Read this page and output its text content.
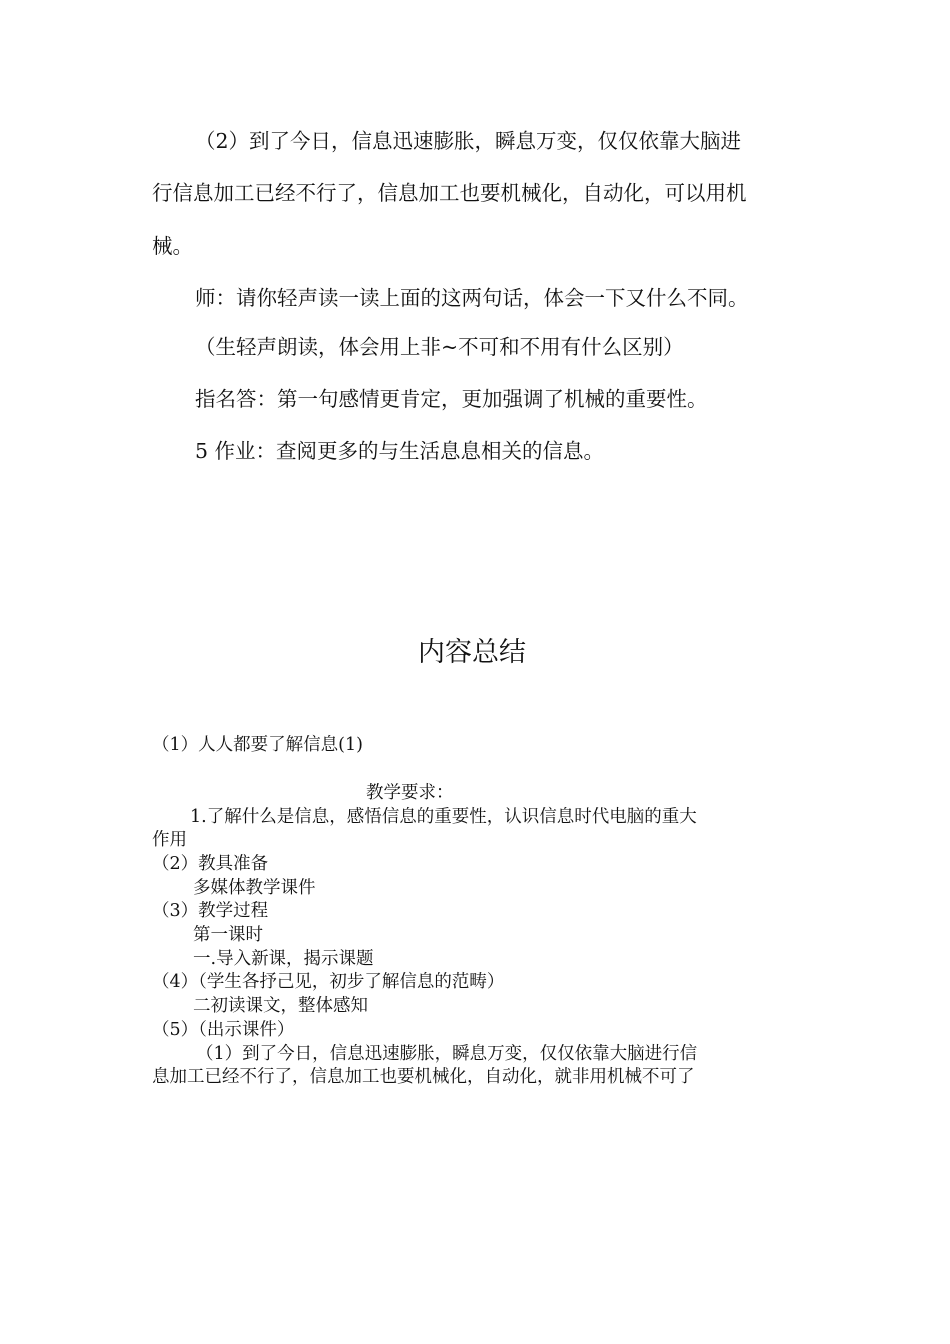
（2）到了今日，信息迅速膨胀，瞬息万变，仅仅依靠大脑进
行信息加工已经不行了，信息加工也要机械化，自动化，可以用机
械。
师：请你轻声读一读上面的这两句话，体会一下又什么不同。
（生轻声朗读，体会用上非~不可和不用有什么区别）
指名答：第一句感情更肯定，更加强调了机械的重要性。
5 作业：查阅更多的与生活息息相关的信息。
内容总结
（1）人人都要了解信息(1)
教学要求：
1.了解什么是信息，感悟信息的重要性，认识信息时代电脑的重大
作用
（2）教具准备
多媒体教学课件
（3）教学过程
第一课时
一.导入新课，揭示课题
（4）（学生各抒己见，初步了解信息的范畴）
二初读课文，整体感知
（5）（出示课件）
（1）到了今日，信息迅速膨胀，瞬息万变，仅仅依靠大脑进行信
息加工已经不行了，信息加工也要机械化，自动化，就非用机械不可了
